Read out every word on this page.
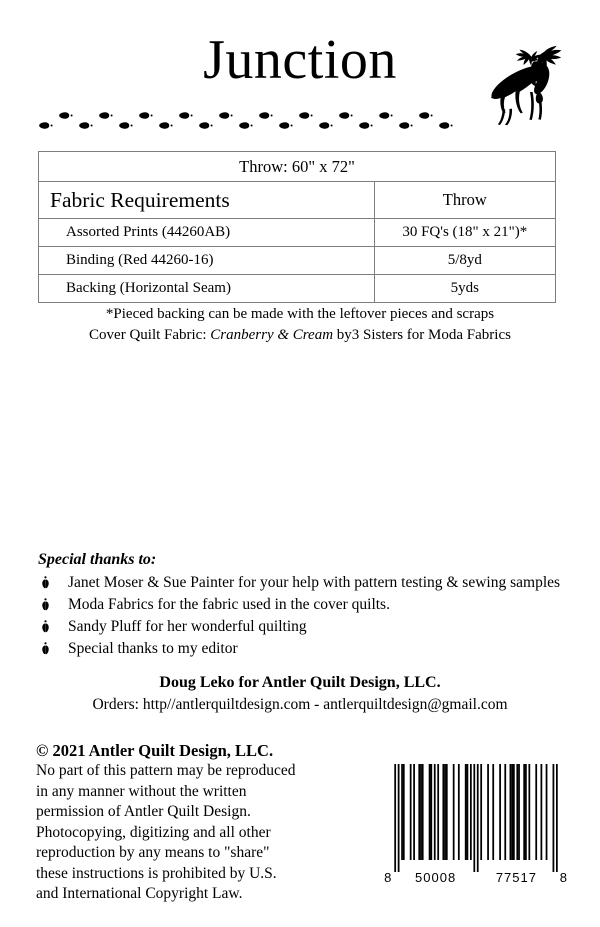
Junction
Throw: 60" x 72"	
Fabric Requirements	Throw
Assorted Prints (44260AB)	30 FQ's (18" x 21")*
Binding (Red 44260-16)	5/8yd
Backing (Horizontal Seam)	5yds
*Pieced backing can be made with the leftover pieces and scraps
Cover Quilt Fabric: Cranberry & Cream by3 Sisters for Moda Fabrics
Special thanks to:
Janet Moser & Sue Painter for your help with pattern testing & sewing samples
Moda Fabrics for the fabric used in the cover quilts.
Sandy Pluff for her wonderful quilting
Special thanks to my editor
Doug Leko for Antler Quilt Design, LLC.
Orders: http//antlerquiltdesign.com - antlerquiltdesign@gmail.com
© 2021 Antler Quilt Design, LLC.
No part of this pattern may be reproduced
in any manner without the written
permission of Antler Quilt Design.
Photocopying, digitizing and all other
reproduction by any means to "share"
these instructions is prohibited by U.S.
and International Copyright Law.
8 50008	77517 8
